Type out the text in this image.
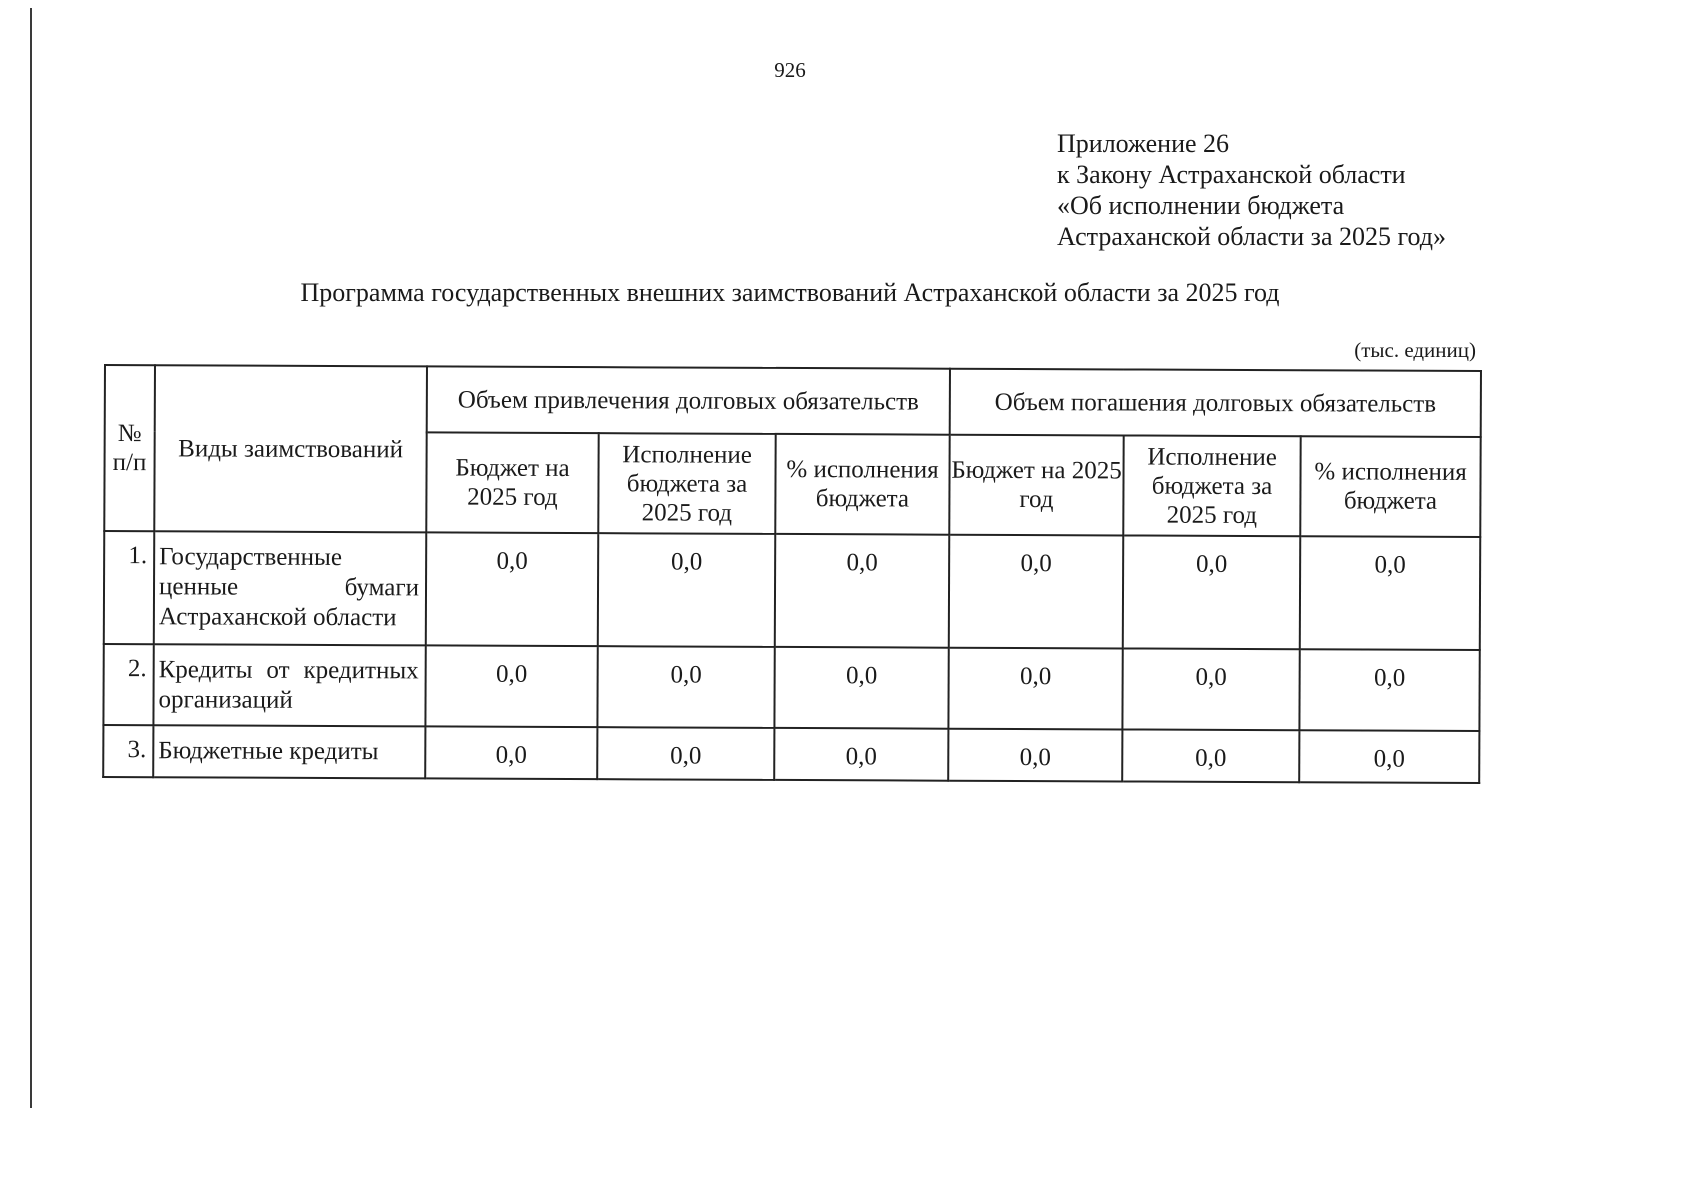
926
Приложение 26
к Закону Астраханской области
«Об исполнении бюджета
Астраханской области за 2025 год»
Программа государственных внешних заимствований Астраханской области за 2025 год
(тыс. единиц)
№ п/п	Виды заимствований	Объем привлечения долговых обязательств			Объем погашения долговых обязательств		
		Бюджет на 2025 год	Исполнение бюджета за 2025 год	% исполнения бюджета	Бюджет на 2025 год	Исполнение бюджета за 2025 год	% исполнения бюджета
1.	Государственные ценные бумаги Астраханской области	0,0	0,0	0,0	0,0	0,0	0,0
2.	Кредиты от кредитных организаций	0,0	0,0	0,0	0,0	0,0	0,0
3.	Бюджетные кредиты	0,0	0,0	0,0	0,0	0,0	0,0
